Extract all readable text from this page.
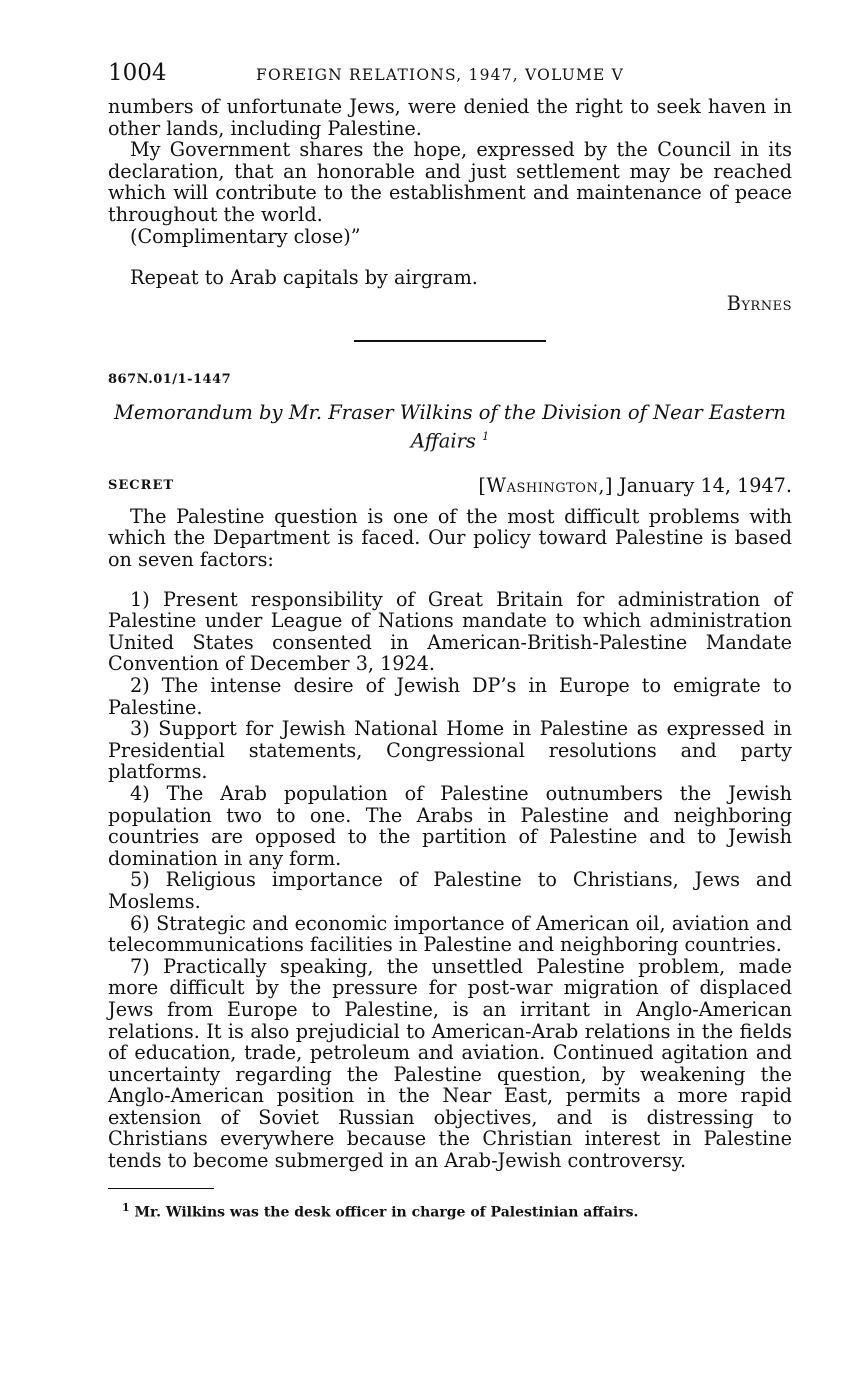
1004	FOREIGN RELATIONS, 1947, VOLUME V

numbers of unfortunate Jews, were denied the right to seek haven in other lands, including Palestine.

My Government shares the hope, expressed by the Council in its declaration, that an honorable and just settlement may be reached which will contribute to the establishment and maintenance of peace throughout the world.

(Complimentary close)”

Repeat to Arab capitals by airgram.

Byrnes

867N.01/1-1447
Memorandum by Mr. Fraser Wilkins of the Division of Near Eastern
Affairs $^1$
SECRET	[Washington,] January 14, 1947.

The Palestine question is one of the most difficult problems with which the Department is faced. Our policy toward Palestine is based on seven factors:

1) Present responsibility of Great Britain for administration of Palestine under League of Nations mandate to which administration United States consented in American-British-Palestine Mandate Convention of December 3, 1924.

2) The intense desire of Jewish DP’s in Europe to emigrate to Palestine.

3) Support for Jewish National Home in Palestine as expressed in Presidential statements, Congressional resolutions and party platforms.

4) The Arab population of Palestine outnumbers the Jewish population two to one. The Arabs in Palestine and neighboring countries are opposed to the partition of Palestine and to Jewish domination in any form.

5) Religious importance of Palestine to Christians, Jews and Moslems.

6) Strategic and economic importance of American oil, aviation and telecommunications facilities in Palestine and neighboring countries.

7) Practically speaking, the unsettled Palestine problem, made more difficult by the pressure for post-war migration of displaced Jews from Europe to Palestine, is an irritant in Anglo-American relations. It is also prejudicial to American-Arab relations in the fields of education, trade, petroleum and aviation. Continued agitation and uncertainty regarding the Palestine question, by weakening the Anglo-American position in the Near East, permits a more rapid extension of Soviet Russian objectives, and is distressing to Christians everywhere because the Christian interest in Palestine tends to become submerged in an Arab-Jewish controversy.

$^1$ Mr. Wilkins was the desk officer in charge of Palestinian affairs.
